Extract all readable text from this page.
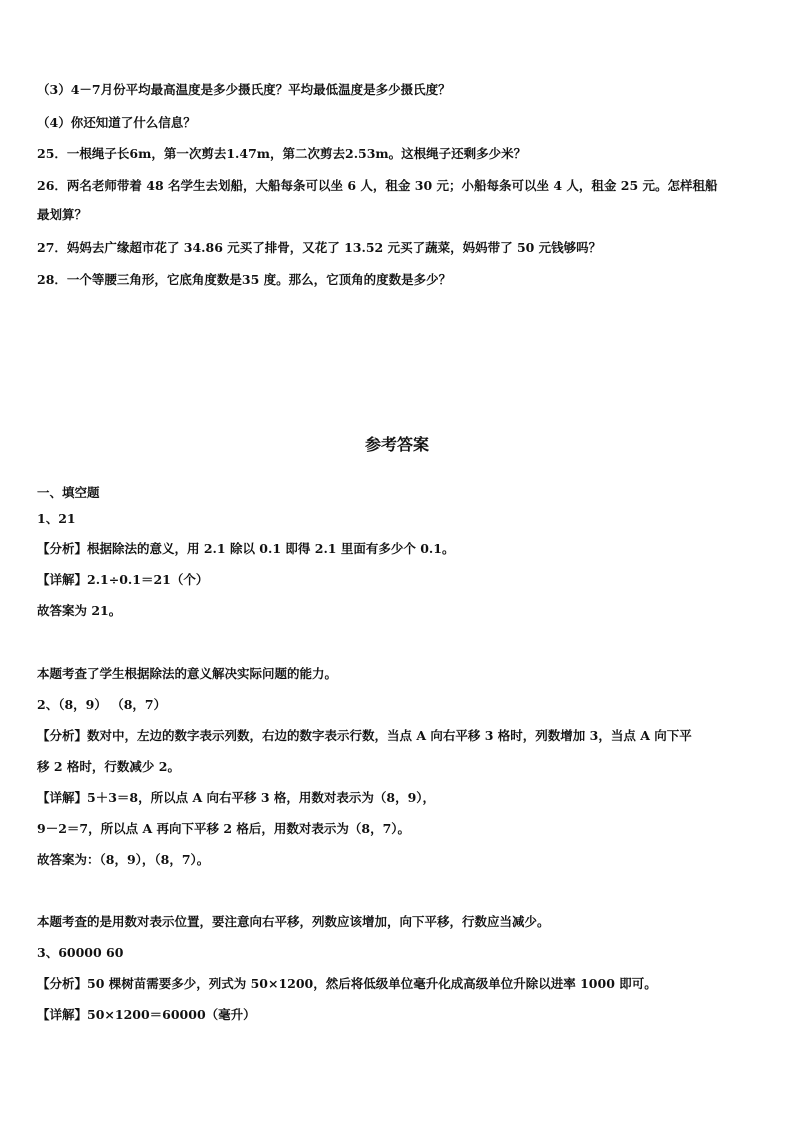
（3）4－7月份平均最高温度是多少摄氏度？平均最低温度是多少摄氏度？
（4）你还知道了什么信息？
25．一根绳子长6m，第一次剪去1.47m，第二次剪去2.53m。这根绳子还剩多少米？
26．两名老师带着 48 名学生去划船，大船每条可以坐 6 人，租金 30 元；小船每条可以坐 4 人，租金 25 元。怎样租船
最划算？
27．妈妈去广缘超市花了 34.86 元买了排骨，又花了 13.52 元买了蔬菜，妈妈带了 50 元钱够吗？
28．一个等腰三角形，它底角度数是35 度。那么，它顶角的度数是多少？
参考答案
一、填空题
1、21
【分析】根据除法的意义，用 2.1 除以 0.1 即得 2.1 里面有多少个 0.1。
【详解】2.1÷0.1＝21（个）
故答案为 21。
本题考查了学生根据除法的意义解决实际问题的能力。
2、（8，9） （8，7）
【分析】数对中，左边的数字表示列数，右边的数字表示行数，当点 A 向右平移 3 格时，列数增加 3，当点 A 向下平
移 2 格时，行数减少 2。
【详解】5＋3＝8，所以点 A 向右平移 3 格，用数对表示为（8，9），
9－2＝7，所以点 A 再向下平移 2 格后，用数对表示为（8，7）。
故答案为：（8，9），（8，7）。
本题考查的是用数对表示位置，要注意向右平移，列数应该增加，向下平移，行数应当减少。
3、60000 60
【分析】50 棵树苗需要多少，列式为 50×1200，然后将低级单位毫升化成高级单位升除以进率 1000 即可。
【详解】50×1200＝60000（毫升）
